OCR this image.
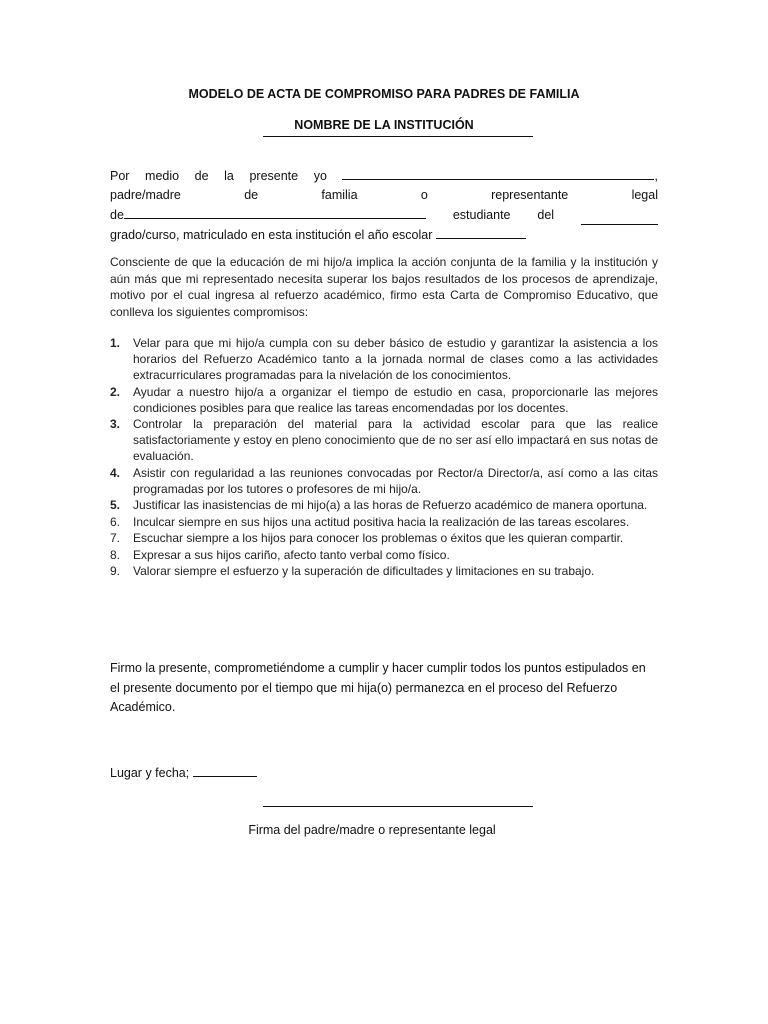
MODELO DE ACTA DE COMPROMISO PARA PADRES DE FAMILIA
NOMBRE DE LA INSTITUCIÓN
Por medio de la presente yo	,
padre/madre	de	familia	o	representante	legal
de	estudiante del
grado/curso, matriculado en esta institución el año escolar
Consciente de que la educación de mi hijo/a implica la acción conjunta de la familia y la institución y aún más que mi representado necesita superar los bajos resultados de los procesos de aprendizaje, motivo por el cual ingresa al refuerzo académico, firmo esta Carta de Compromiso Educativo, que conlleva los siguientes compromisos:
1.	Velar para que mi hijo/a cumpla con su deber básico de estudio y garantizar la asistencia a los horarios del Refuerzo Académico tanto a la jornada normal de clases como a las actividades extracurriculares programadas para la nivelación de los conocimientos.
2.	Ayudar a nuestro hijo/a a organizar el tiempo de estudio en casa, proporcionarle las mejores condiciones posibles para que realice las tareas encomendadas por los docentes.
3.	Controlar la preparación del material para la actividad escolar para que las realice satisfactoriamente y estoy en pleno conocimiento que de no ser así ello impactará en sus notas de evaluación.
4.	Asistir con regularidad a las reuniones convocadas por Rector/a Director/a, así como a las citas programadas por los tutores o profesores de mi hijo/a.
5.	Justificar las inasistencias de mi hijo(a) a las horas de Refuerzo académico de manera oportuna.
6.	Inculcar siempre en sus hijos una actitud positiva hacia la realización de las tareas escolares.
7.	Escuchar siempre a los hijos para conocer los problemas o éxitos que les quieran compartir.
8.	Expresar a sus hijos cariño, afecto tanto verbal como físico.
9.	Valorar siempre el esfuerzo y la superación de dificultades y limitaciones en su trabajo.
Firmo la presente, comprometiéndome a cumplir y hacer cumplir todos los puntos estipulados en el presente documento por el tiempo que mi hija(o) permanezca en el proceso del Refuerzo Académico.
Lugar y fecha;
Firma del padre/madre o representante legal
